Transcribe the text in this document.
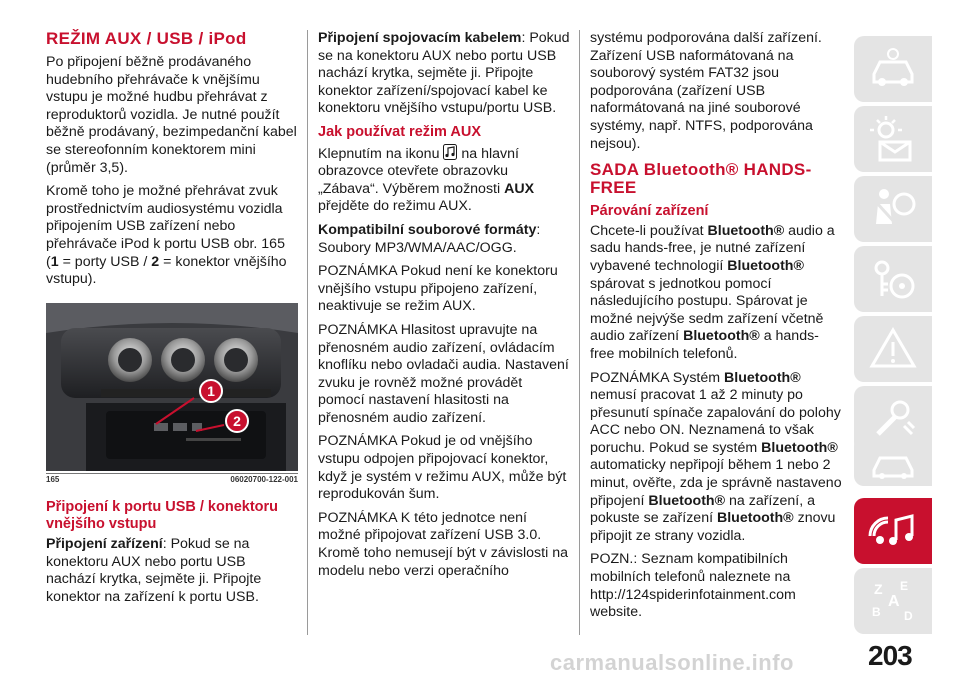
REŽIM AUX / USB / iPod

Po připojení běžně prodávaného hudebního přehrávače k vnějšímu vstupu je možné hudbu přehrávat z reproduktorů vozidla. Je nutné použít běžně prodávaný, bezimpedanční kabel se stereofonním konektorem mini (průměr 3,5).

Kromě toho je možné přehrávat zvuk prostřednictvím audiosystému vozidla připojením USB zařízení nebo přehrávače iPod k portu USB obr. 165 (1 = porty USB / 2 = konektor vnějšího vstupu).

1
2
165	06020700-122-001
Připojení k portu USB / konektoru vnějšího vstupu

Připojení zařízení: Pokud se na konektoru AUX nebo portu USB nachází krytka, sejměte ji. Připojte konektor na zařízení k portu USB.

Připojení spojovacím kabelem: Pokud se na konektoru AUX nebo portu USB nachází krytka, sejměte ji. Připojte konektor zařízení/spojovací kabel ke konektoru vnějšího vstupu/portu USB.

Jak používat režim AUX

Klepnutím na ikonu na hlavní obrazovce otevřete obrazovku „Zábava“. Výběrem možnosti AUX přejděte do režimu AUX.

Kompatibilní souborové formáty: Soubory MP3/WMA/AAC/OGG.

POZNÁMKA Pokud není ke konektoru vnějšího vstupu připojeno zařízení, neaktivuje se režim AUX.

POZNÁMKA Hlasitost upravujte na přenosném audio zařízení, ovládacím knoflíku nebo ovladači audia. Nastavení zvuku je rovněž možné provádět pomocí nastavení hlasitosti na přenosném audio zařízení.

POZNÁMKA Pokud je od vnějšího vstupu odpojen připojovací konektor, když je systém v režimu AUX, může být reprodukován šum.

POZNÁMKA K této jednotce není možné připojovat zařízení USB 3.0. Kromě toho nemusejí být v závislosti na modelu nebo verzi operačního

systému podporována další zařízení. Zařízení USB naformátovaná na souborový systém FAT32 jsou podporována (zařízení USB naformátovaná na jiné souborové systémy, např. NTFS, podporována nejsou).

SADA Bluetooth® HANDS-FREE
Párování zařízení

Chcete-li používat Bluetooth® audio a sadu hands-free, je nutné zařízení vybavené technologií Bluetooth® spárovat s jednotkou pomocí následujícího postupu. Spárovat je možné nejvýše sedm zařízení včetně audio zařízení Bluetooth® a hands-free mobilních telefonů.

POZNÁMKA Systém Bluetooth® nemusí pracovat 1 až 2 minuty po přesunutí spínače zapalování do polohy ACC nebo ON. Neznamená to však poruchu. Pokud se systém Bluetooth® automaticky nepřipojí během 1 nebo 2 minut, ověřte, zda je správně nastaveno připojení Bluetooth® na zařízení, a pokuste se zařízení Bluetooth® znovu připojit ze strany vozidla.

POZN.: Seznam kompatibilních mobilních telefonů naleznete na http://124spiderinfotainment.com website.

Z E
A
B D
carmanualsonline.info	203
